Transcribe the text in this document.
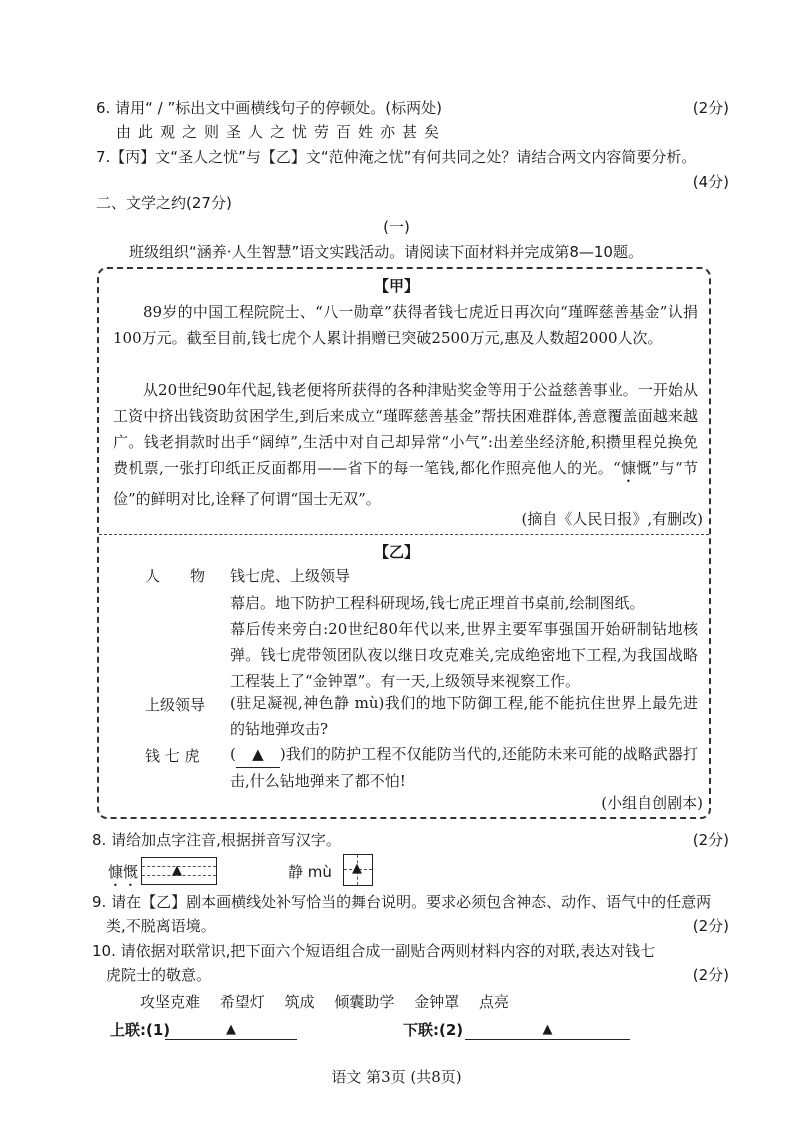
6. 请用“ / ”标出文中画横线句子的停顿处。(标两处)	(2分)
由此观之则圣人之忧劳百姓亦甚矣
7.【丙】文“圣人之忧”与【乙】文“范仲淹之忧”有何共同之处？请结合两文内容简要分析。
(4分)
二、文学之约(27分)
(一)
班级组织“涵养·人生智慧”语文实践活动。请阅读下面材料并完成第8—10题。
【甲】
89岁的中国工程院院士、“八一勋章”获得者钱七虎近日再次向“瑾晖慈善基金”认捐100万元。截至目前,钱七虎个人累计捐赠已突破2500万元,惠及人数超2000人次。
从20世纪90年代起,钱老便将所获得的各种津贴奖金等用于公益慈善事业。一开始从工资中挤出钱资助贫困学生,到后来成立“瑾晖慈善基金”帮扶困难群体,善意覆盖面越来越广。钱老捐款时出手“阔绰”,生活中对自己却异常“小气”:出差坐经济舱,积攒里程兑换免费机票,一张打印纸正反面都用——省下的每一笔钱,都化作照亮他人的光。“慷慨”与“节俭”的鲜明对比,诠释了何谓“国士无双”。
(摘自《人民日报》,有删改)
【乙】
人　　物 钱七虎、上级领导
幕启。地下防护工程科研现场,钱七虎正埋首书桌前,绘制图纸。
幕后传来旁白:20世纪80年代以来,世界主要军事强国开始研制钻地核弹。钱七虎带领团队夜以继日攻克难关,完成绝密地下工程,为我国战略工程装上了“金钟罩”。有一天,上级领导来视察工作。
上级领导 (驻足凝视,神色静 mù)我们的地下防御工程,能不能抗住世界上最先进的钻地弹攻击?
钱 七 虎 ( ▲ )我们的防护工程不仅能防当代的,还能防未来可能的战略武器打击,什么钻地弹来了都不怕!
(小组自创剧本)
8. 请给加点字注音,根据拼音写汉字。	(2分)
慷慨	▲	静 mù ▲
9. 请在【乙】剧本画横线处补写恰当的舞台说明。要求必须包含神态、动作、语气中的任意两
类,不脱离语境。	(2分)
10. 请依据对联常识,把下面六个短语组合成一副贴合两则材料内容的对联,表达对钱七
虎院士的敬意。	(2分)
攻坚克难  希望灯  筑成  倾囊助学  金钟罩  点亮
上联:(1)	▲	下联:(2)	▲
语文 第3页 (共8页)
